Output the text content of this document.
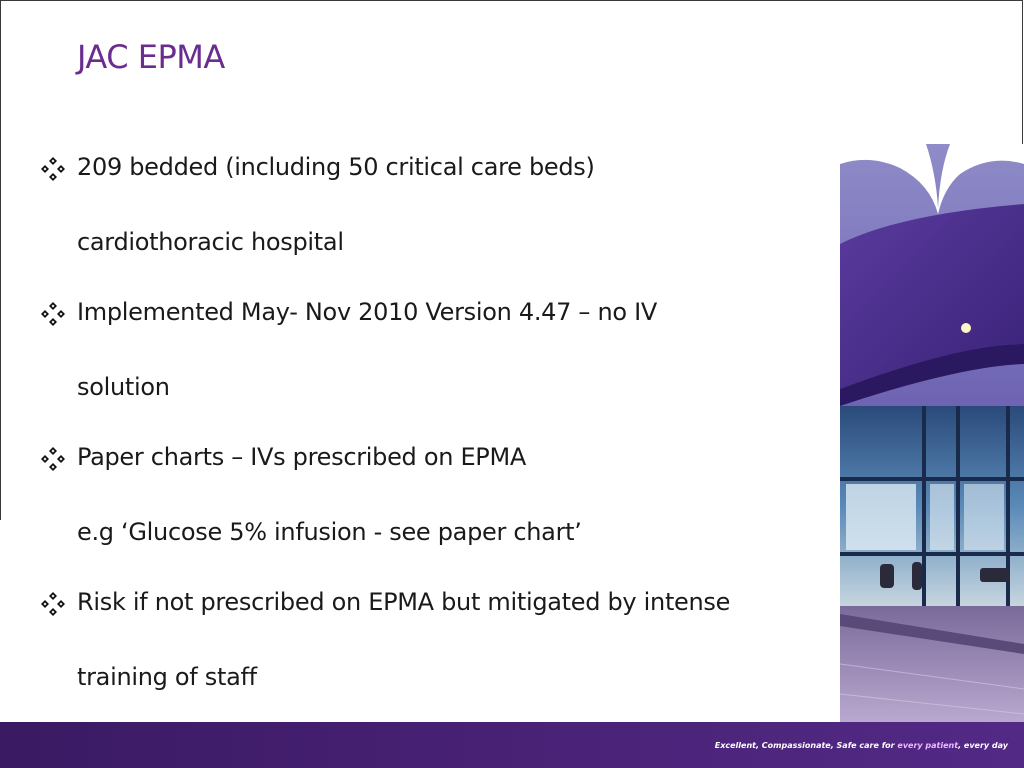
JAC EPMA
209 bedded (including 50 critical care beds)
cardiothoracic hospital
Implemented May- Nov 2010 Version 4.47 – no IV
solution
Paper charts – IVs prescribed on EPMA
e.g ‘Glucose 5% infusion - see paper chart’
Risk if not prescribed on EPMA but mitigated by intense
training of staff
Excellent, Compassionate, Safe care for every patient, every day
